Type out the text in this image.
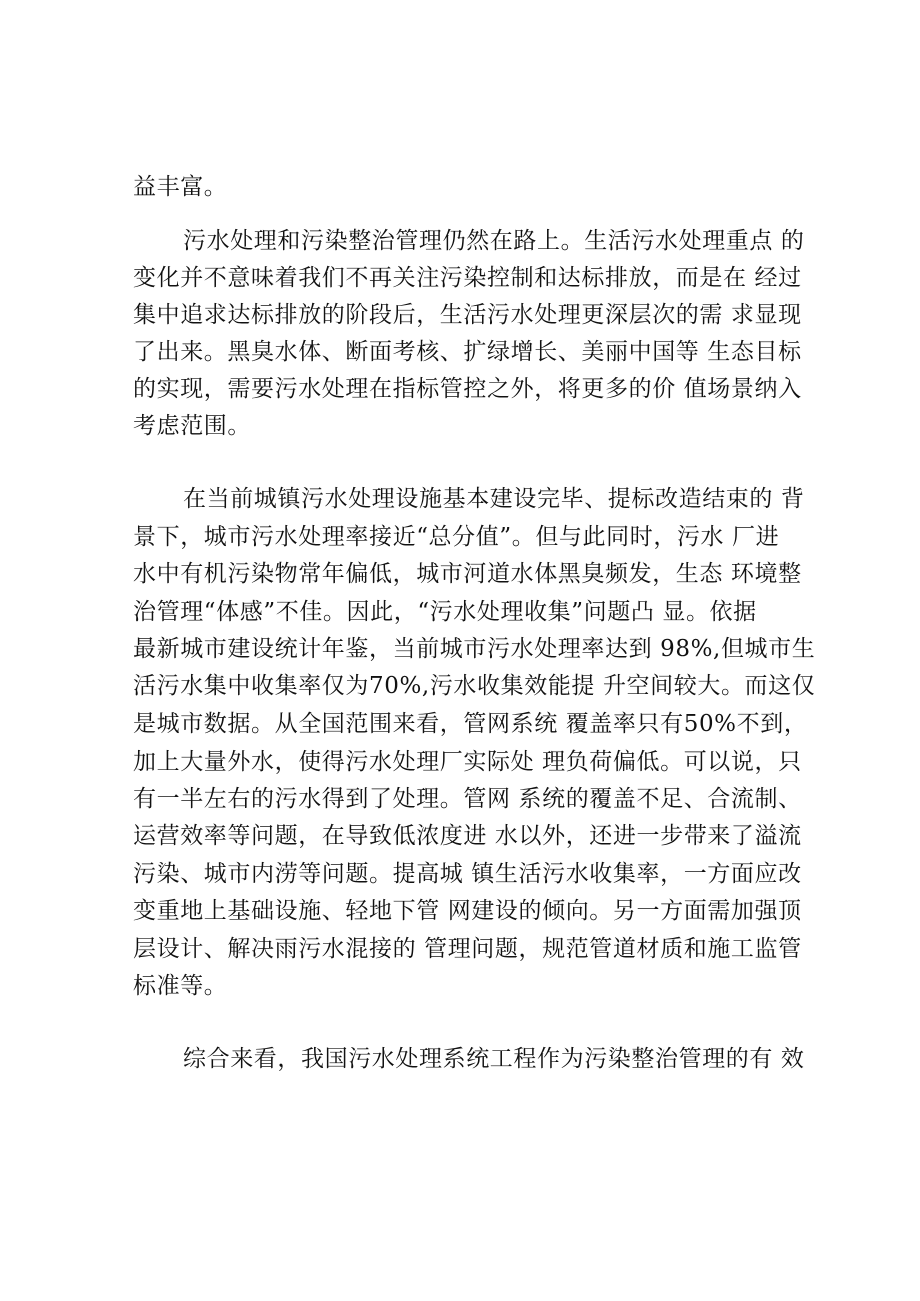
益丰富。
污水处理和污染整治管理仍然在路上。生活污水处理重点 的
变化并不意味着我们不再关注污染控制和达标排放，而是在 经过
集中追求达标排放的阶段后，生活污水处理更深层次的需 求显现
了出来。黑臭水体、断面考核、扩绿增长、美丽中国等 生态目标
的实现，需要污水处理在指标管控之外，将更多的价 值场景纳入
考虑范围。
在当前城镇污水处理设施基本建设完毕、提标改造结束的 背
景下，城市污水处理率接近“总分值”。但与此同时，污水 厂进
水中有机污染物常年偏低，城市河道水体黑臭频发，生态 环境整
治管理“体感”不佳。因此，“污水处理收集”问题凸 显。依据
最新城市建设统计年鉴，当前城市污水处理率达到 98%,但城市生
活污水集中收集率仅为70%,污水收集效能提 升空间较大。而这仅
是城市数据。从全国范围来看，管网系统 覆盖率只有50%不到，
加上大量外水，使得污水处理厂实际处 理负荷偏低。可以说，只
有一半左右的污水得到了处理。管网 系统的覆盖不足、合流制、
运营效率等问题，在导致低浓度进 水以外，还进一步带来了溢流
污染、城市内涝等问题。提高城 镇生活污水收集率，一方面应改
变重地上基础设施、轻地下管 网建设的倾向。另一方面需加强顶
层设计、解决雨污水混接的 管理问题，规范管道材质和施工监管
标准等。
综合来看，我国污水处理系统工程作为污染整治管理的有 效
